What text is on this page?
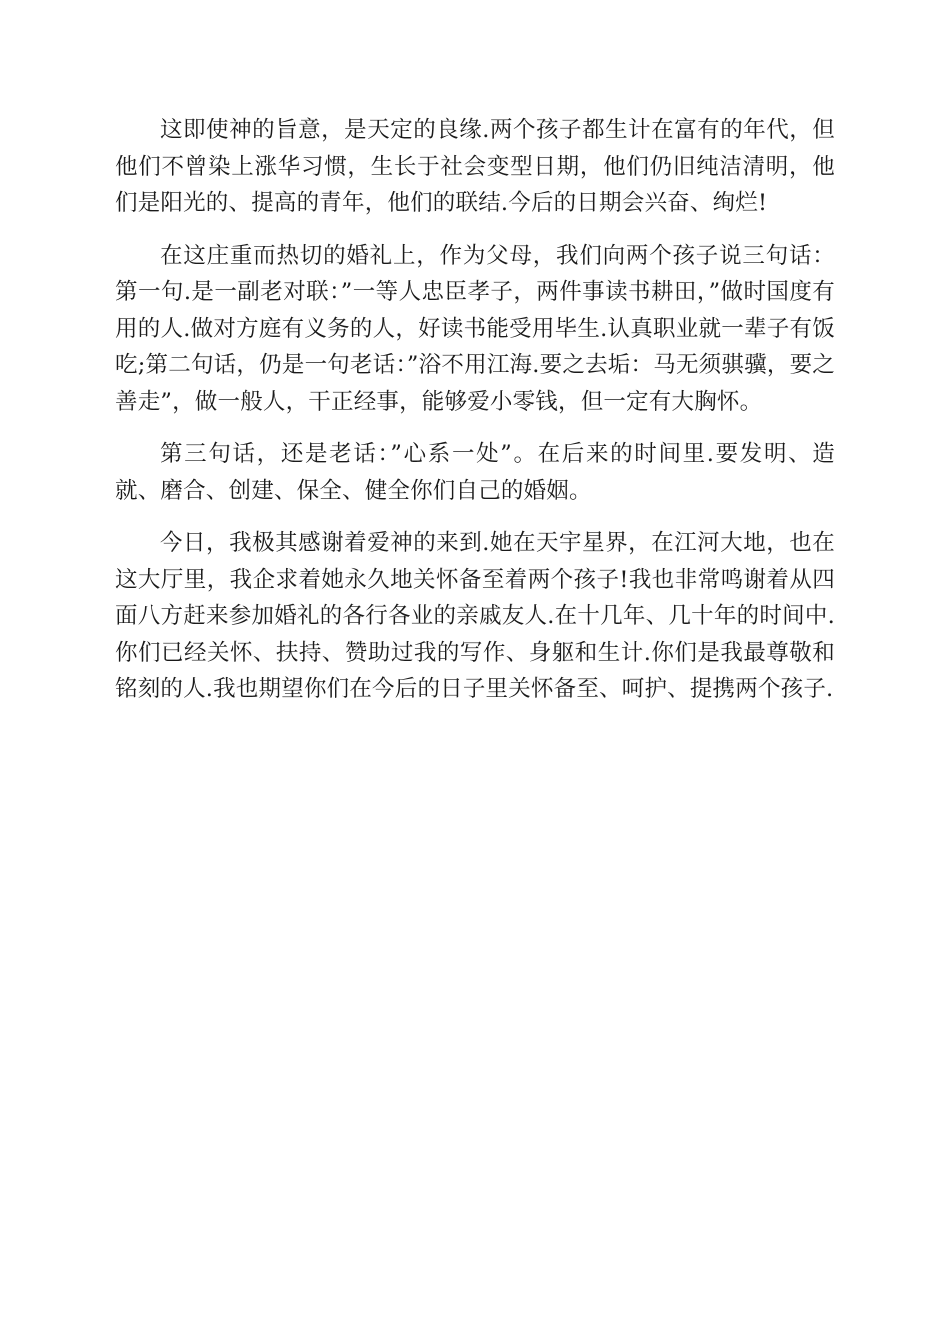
这即使神的旨意，是天定的良缘.两个孩子都生计在富有的年代，但他们不曾染上涨华习惯，生长于社会变型日期，他们仍旧纯洁清明，他们是阳光的、提高的青年，他们的联结.今后的日期会兴奋、绚烂!

在这庄重而热切的婚礼上，作为父母，我们向两个孩子说三句话：第一句.是一副老对联：”一等人忠臣孝子，两件事读书耕田，”做时国度有用的人.做对方庭有义务的人，好读书能受用毕生.认真职业就一辈子有饭吃;第二句话，仍是一句老话：”浴不用江海.要之去垢：马无须骐骥，要之善走”，做一般人，干正经事，能够爱小零钱，但一定有大胸怀。

第三句话，还是老话：”心系一处”。在后来的时间里.要发明、造就、磨合、创建、保全、健全你们自己的婚姻。

今日，我极其感谢着爱神的来到.她在天宇星界，在江河大地，也在这大厅里，我企求着她永久地关怀备至着两个孩子!我也非常鸣谢着从四面八方赶来参加婚礼的各行各业的亲戚友人.在十几年、几十年的时间中.你们已经关怀、扶持、赞助过我的写作、身躯和生计.你们是我最尊敬和铭刻的人.我也期望你们在今后的日子里关怀备至、呵护、提携两个孩子.
